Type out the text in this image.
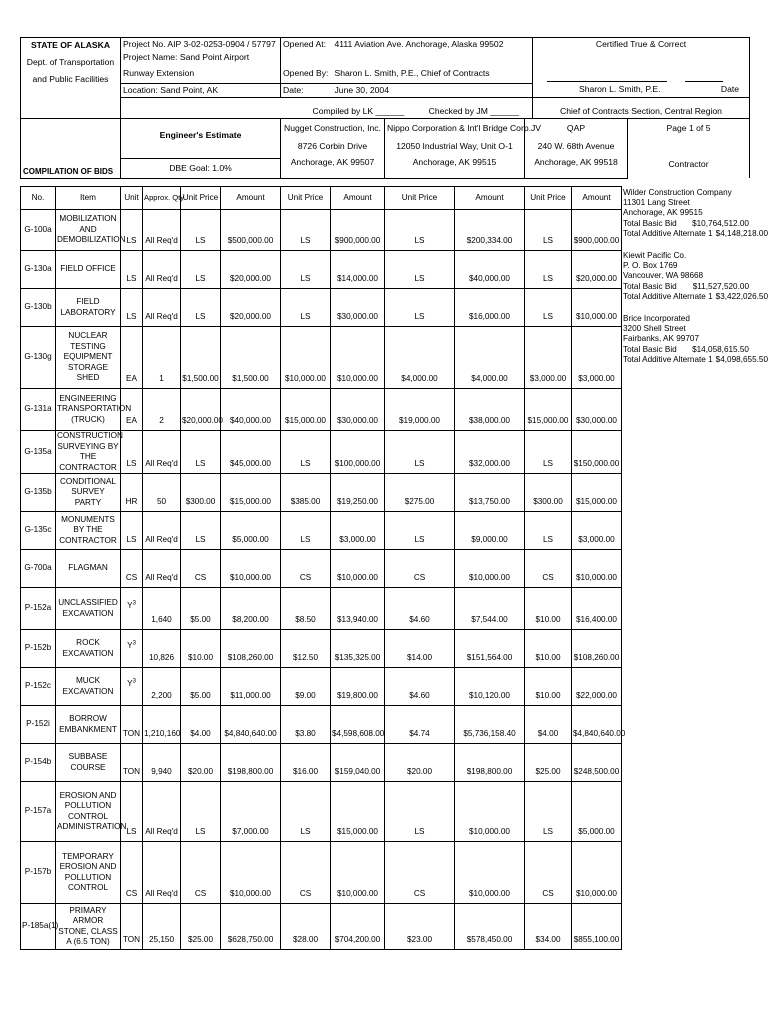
STATE OF ALASKA
Dept. of Transportation
and Public Facilities	Project No. AIP 3-02-0253-0904 / 57797	Opened At:	4111 Aviation Ave. Anchorage, Alaska 99502	Certified True & Correct
	Project Name: Sand Point Airport			

	Runway Extension	Opened By:	Sharon L. Smith, P.E., Chief of Contracts	
	Location: Sand Point, AK	Date:	June 30, 2004	Sharon L. Smith, P.E. Date
		Compiled by LK ______ Checked by JM ______		Chief of Contracts Section, Central Region
COMPILATION OF BIDS	
Engineer's Estimate
DBE Goal: 1.0%

Nugget Construction, Inc.
8726 Corbin Drive
Anchorage, AK 99507

Nippo Corporation & Int'l Bridge Corp.JV
12050 Industrial Way, Unit O-1
Anchorage, AK 99515

QAP
240 W. 68th Avenue
Anchorage, AK 99518

Page 1 of 5
Contractor
No.	Item	Unit	Approx. Qty	Unit Price	Amount	Unit Price	Amount	Unit Price	Amount	Unit Price	Amount
G-100a	MOBILIZATION AND DEMOBILIZATION	LS	All Req'd	LS	$500,000.00	LS	$900,000.00	LS	$200,334.00	LS	$900,000.00
G-130a	FIELD OFFICE	LS	All Req'd	LS	$20,000.00	LS	$14,000.00	LS	$40,000.00	LS	$20,000.00
G-130b	FIELD LABORATORY	LS	All Req'd	LS	$20,000.00	LS	$30,000.00	LS	$16,000.00	LS	$10,000.00
G-130g	NUCLEAR TESTING EQUIPMENT STORAGE SHED	EA	1	$1,500.00	$1,500.00	$10,000.00	$10,000.00	$4,000.00	$4,000.00	$3,000.00	$3,000.00
G-131a	ENGINEERING TRANSPORTATION (TRUCK)	EA	2	$20,000.00	$40,000.00	$15,000.00	$30,000.00	$19,000.00	$38,000.00	$15,000.00	$30,000.00
G-135a	CONSTRUCTION SURVEYING BY THE CONTRACTOR	LS	All Req'd	LS	$45,000.00	LS	$100,000.00	LS	$32,000.00	LS	$150,000.00
G-135b	CONDITIONAL SURVEY PARTY	HR	50	$300.00	$15,000.00	$385.00	$19,250.00	$275.00	$13,750.00	$300.00	$15,000.00
G-135c	MONUMENTS BY THE CONTRACTOR	LS	All Req'd	LS	$5,000.00	LS	$3,000.00	LS	$9,000.00	LS	$3,000.00
G-700a	FLAGMAN	CS	All Req'd	CS	$10,000.00	CS	$10,000.00	CS	$10,000.00	CS	$10,000.00
P-152a	UNCLASSIFIED EXCAVATION	$Y^3$	1,640	$5.00	$8,200.00	$8.50	$13,940.00	$4.60	$7,544.00	$10.00	$16,400.00
P-152b	ROCK EXCAVATION	$Y^3$	10,826	$10.00	$108,260.00	$12.50	$135,325.00	$14.00	$151,564.00	$10.00	$108,260.00
P-152c	MUCK EXCAVATION	$Y^3$	2,200	$5.00	$11,000.00	$9.00	$19,800.00	$4.60	$10,120.00	$10.00	$22,000.00
P-152i	BORROW EMBANKMENT	TON	1,210,160	$4.00	$4,840,640.00	$3.80	$4,598,608.00	$4.74	$5,736,158.40	$4.00	$4,840,640.00
P-154b	SUBBASE COURSE	TON	9,940	$20.00	$198,800.00	$16.00	$159,040.00	$20.00	$198,800.00	$25.00	$248,500.00
P-157a	EROSION AND POLLUTION CONTROL ADMINISTRATION	LS	All Req'd	LS	$7,000.00	LS	$15,000.00	LS	$10,000.00	LS	$5,000.00
P-157b	TEMPORARY EROSION AND POLLUTION CONTROL	CS	All Req'd	CS	$10,000.00	CS	$10,000.00	CS	$10,000.00	CS	$10,000.00
P-185a(1)	PRIMARY ARMOR STONE, CLASS A (6.5 TON)	TON	25,150	$25.00	$628,750.00	$28.00	$704,200.00	$23.00	$578,450.00	$34.00	$855,100.00
Wilder Construction Company
11301 Lang Street
Anchorage, AK 99515
Total Basic Bid $10,764,512.00
Total Additive Alternate 1 $4,148,218.00
Kiewit Pacific Co.
P. O. Box 1769
Vancouver, WA 98668
Total Basic Bid $11,527,520.00
Total Additive Alternate 1 $3,422,026.50
Brice Incorporated
3200 Shell Street
Fairbanks, AK 99707
Total Basic Bid $14,058,615.50
Total Additive Alternate 1 $4,098,655.50
